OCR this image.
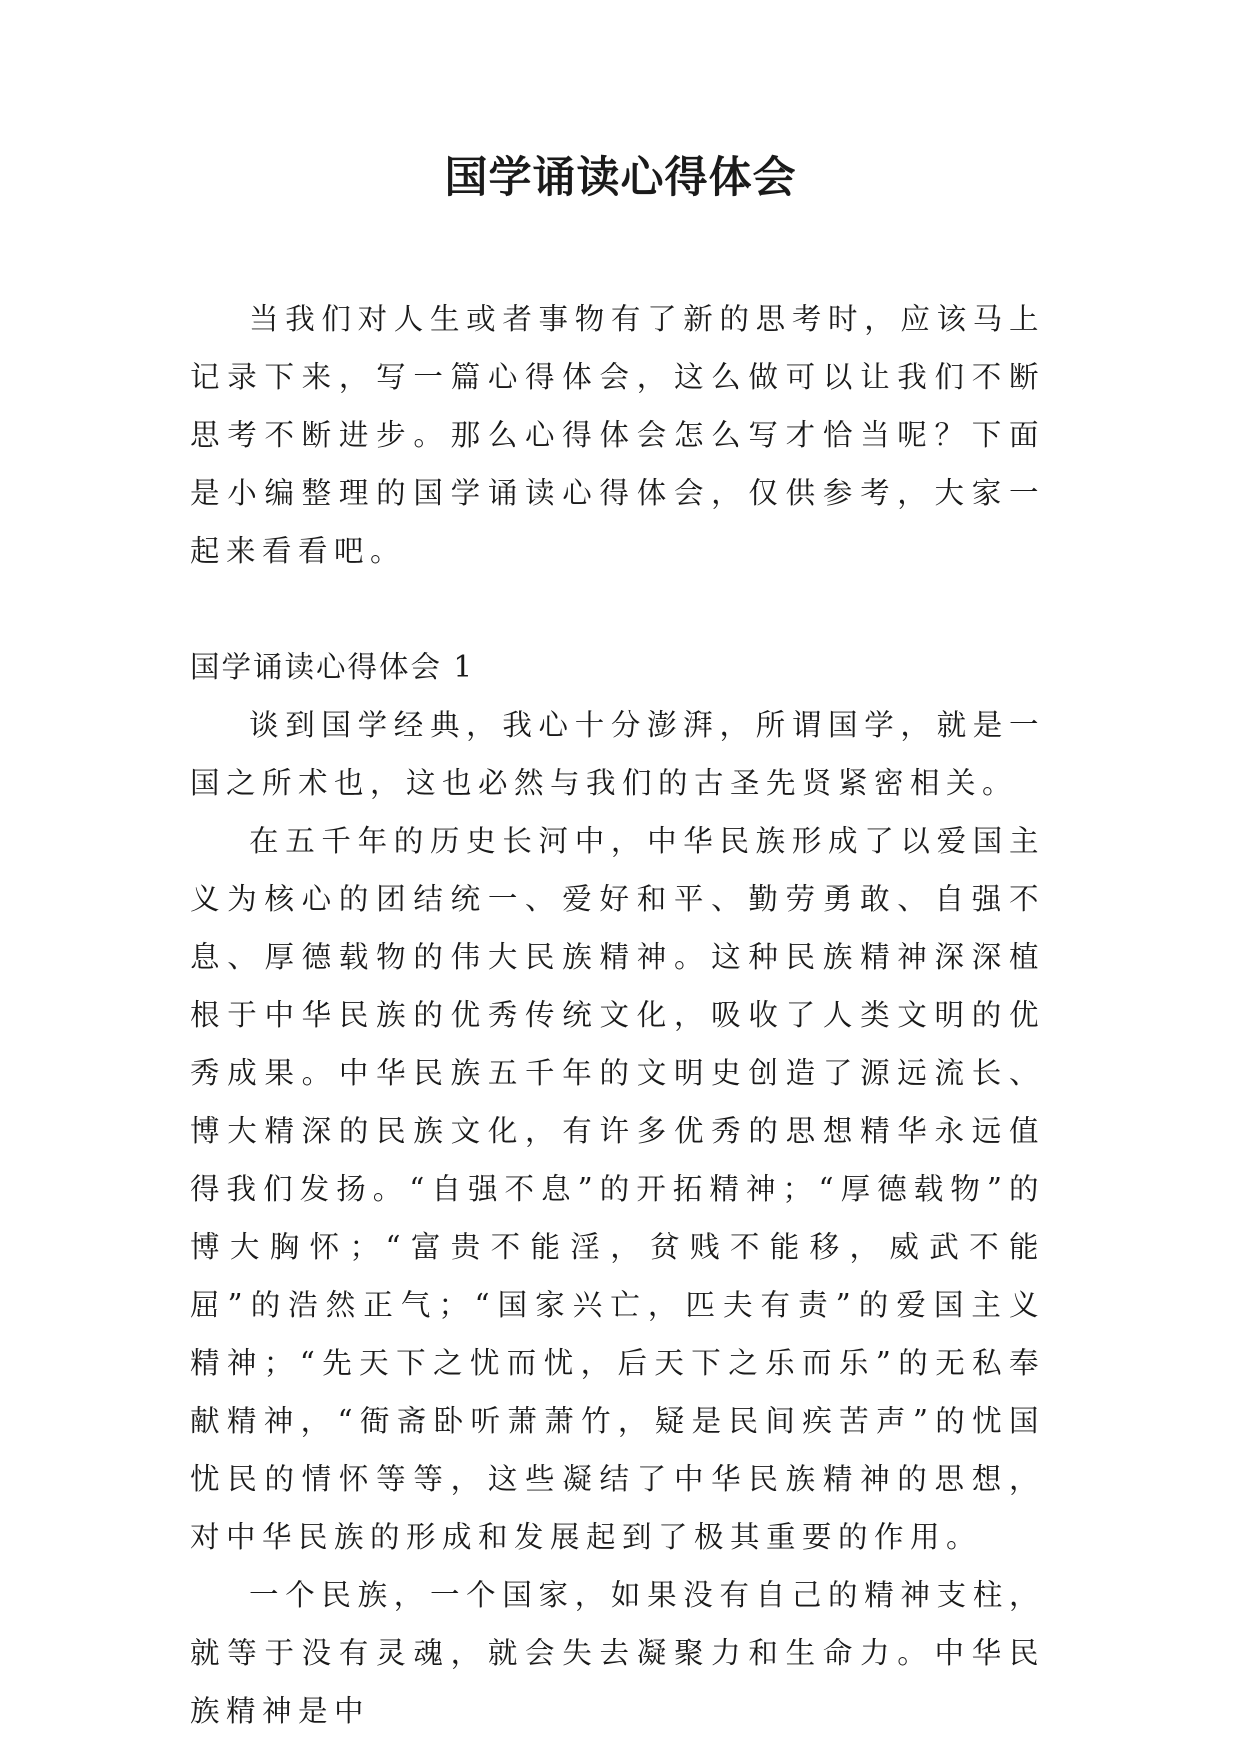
国学诵读心得体会

当我们对人生或者事物有了新的思考时，应该马上记录下来，写一篇心得体会，这么做可以让我们不断思考不断进步。那么心得体会怎么写才恰当呢？下面是小编整理的国学诵读心得体会，仅供参考，大家一起来看看吧。

国学诵读心得体会 1

谈到国学经典，我心十分澎湃，所谓国学，就是一国之所术也，这也必然与我们的古圣先贤紧密相关。

在五千年的历史长河中，中华民族形成了以爱国主义为核心的团结统一、爱好和平、勤劳勇敢、自强不息、厚德载物的伟大民族精神。这种民族精神深深植根于中华民族的优秀传统文化，吸收了人类文明的优秀成果。中华民族五千年的文明史创造了源远流长、博大精深的民族文化，有许多优秀的思想精华永远值得我们发扬。“自强不息”的开拓精神；“厚德载物”的博大胸怀；“富贵不能淫，贫贱不能移，威武不能屈”的浩然正气；“国家兴亡，匹夫有责”的爱国主义精神；“先天下之忧而忧，后天下之乐而乐”的无私奉献精神，“衙斋卧听萧萧竹，疑是民间疾苦声”的忧国忧民的情怀等等，这些凝结了中华民族精神的思想，对中华民族的形成和发展起到了极其重要的作用。

一个民族，一个国家，如果没有自己的精神支柱，就等于没有灵魂，就会失去凝聚力和生命力。中华民族精神是中
